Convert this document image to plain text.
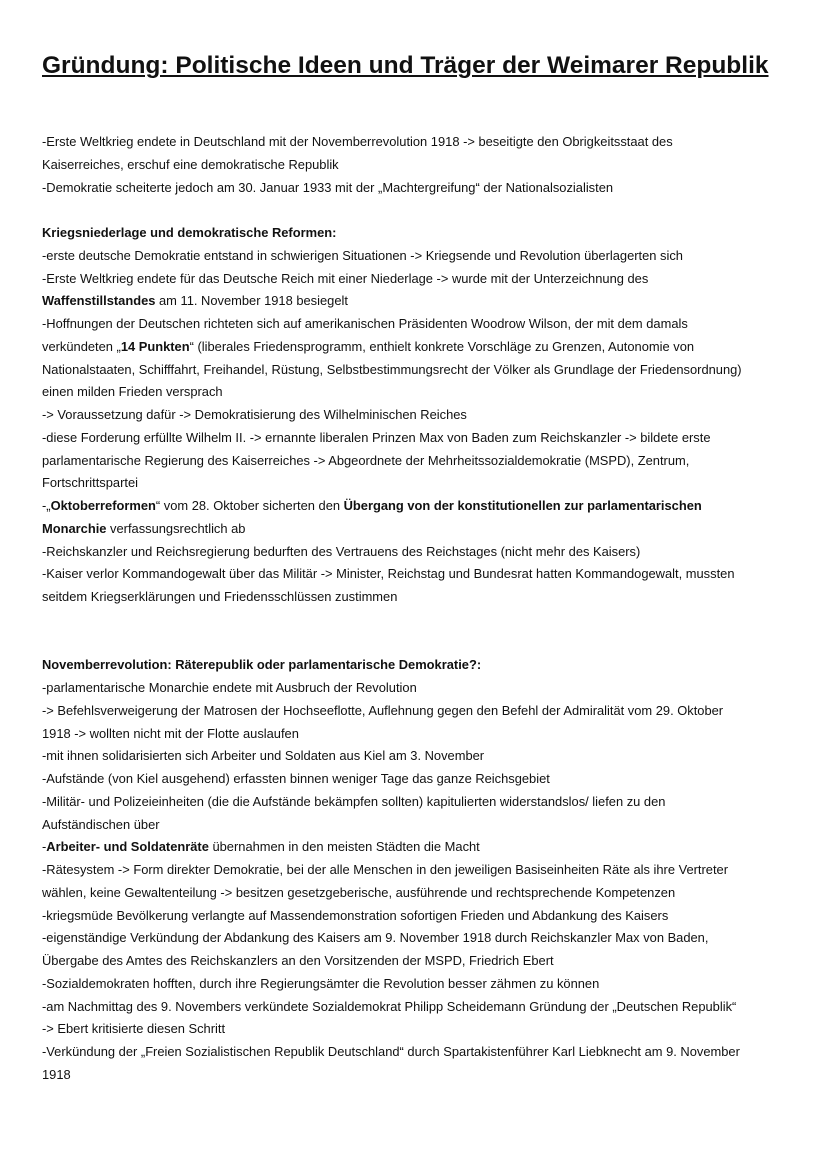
Gründung: Politische Ideen und Träger der Weimarer Republik
-Erste Weltkrieg endete in Deutschland mit der Novemberrevolution 1918 -> beseitigte den Obrigkeitsstaat des
Kaiserreiches, erschuf eine demokratische Republik
-Demokratie scheiterte jedoch am 30. Januar 1933 mit der „Machtergreifung“ der Nationalsozialisten
Kriegsniederlage und demokratische Reformen:
-erste deutsche Demokratie entstand in schwierigen Situationen -> Kriegsende und Revolution überlagerten sich
-Erste Weltkrieg endete für das Deutsche Reich mit einer Niederlage -> wurde mit der Unterzeichnung des
Waffenstillstandes am 11. November 1918 besiegelt
-Hoffnungen der Deutschen richteten sich auf amerikanischen Präsidenten Woodrow Wilson, der mit dem damals
verkündeten „14 Punkten“ (liberales Friedensprogramm, enthielt konkrete Vorschläge zu Grenzen, Autonomie von
Nationalstaaten, Schifffahrt, Freihandel, Rüstung, Selbstbestimmungsrecht der Völker als Grundlage der Friedensordnung)
einen milden Frieden versprach
-> Voraussetzung dafür -> Demokratisierung des Wilhelminischen Reiches
-diese Forderung erfüllte Wilhelm II. -> ernannte liberalen Prinzen Max von Baden zum Reichskanzler -> bildete erste
parlamentarische Regierung des Kaiserreiches -> Abgeordnete der Mehrheitssozialdemokratie (MSPD), Zentrum,
Fortschrittspartei
-„Oktoberreformen“ vom 28. Oktober sicherten den Übergang von der konstitutionellen zur parlamentarischen
Monarchie verfassungsrechtlich ab
-Reichskanzler und Reichsregierung bedurften des Vertrauens des Reichstages (nicht mehr des Kaisers)
-Kaiser verlor Kommandogewalt über das Militär -> Minister, Reichstag und Bundesrat hatten Kommandogewalt, mussten
seitdem Kriegserklärungen und Friedensschlüssen zustimmen
Novemberrevolution: Räterepublik oder parlamentarische Demokratie?:
-parlamentarische Monarchie endete mit Ausbruch der Revolution
-> Befehlsverweigerung der Matrosen der Hochseeflotte, Auflehnung gegen den Befehl der Admiralität vom 29. Oktober
1918 -> wollten nicht mit der Flotte auslaufen
-mit ihnen solidarisierten sich Arbeiter und Soldaten aus Kiel am 3. November
-Aufstände (von Kiel ausgehend) erfassten binnen weniger Tage das ganze Reichsgebiet
-Militär- und Polizeieinheiten (die die Aufstände bekämpfen sollten) kapitulierten widerstandslos/ liefen zu den
Aufständischen über
-Arbeiter- und Soldatenräte übernahmen in den meisten Städten die Macht
-Rätesystem -> Form direkter Demokratie, bei der alle Menschen in den jeweiligen Basiseinheiten Räte als ihre Vertreter
wählen, keine Gewaltenteilung -> besitzen gesetzgeberische, ausführende und rechtsprechende Kompetenzen
-kriegsmüde Bevölkerung verlangte auf Massendemonstration sofortigen Frieden und Abdankung des Kaisers
-eigenständige Verkündung der Abdankung des Kaisers am 9. November 1918 durch Reichskanzler Max von Baden,
Übergabe des Amtes des Reichskanzlers an den Vorsitzenden der MSPD, Friedrich Ebert
-Sozialdemokraten hofften, durch ihre Regierungsämter die Revolution besser zähmen zu können
-am Nachmittag des 9. Novembers verkündete Sozialdemokrat Philipp Scheidemann Gründung der „Deutschen Republik“
-> Ebert kritisierte diesen Schritt
-Verkündung der „Freien Sozialistischen Republik Deutschland“ durch Spartakistenführer Karl Liebknecht am 9. November
1918
